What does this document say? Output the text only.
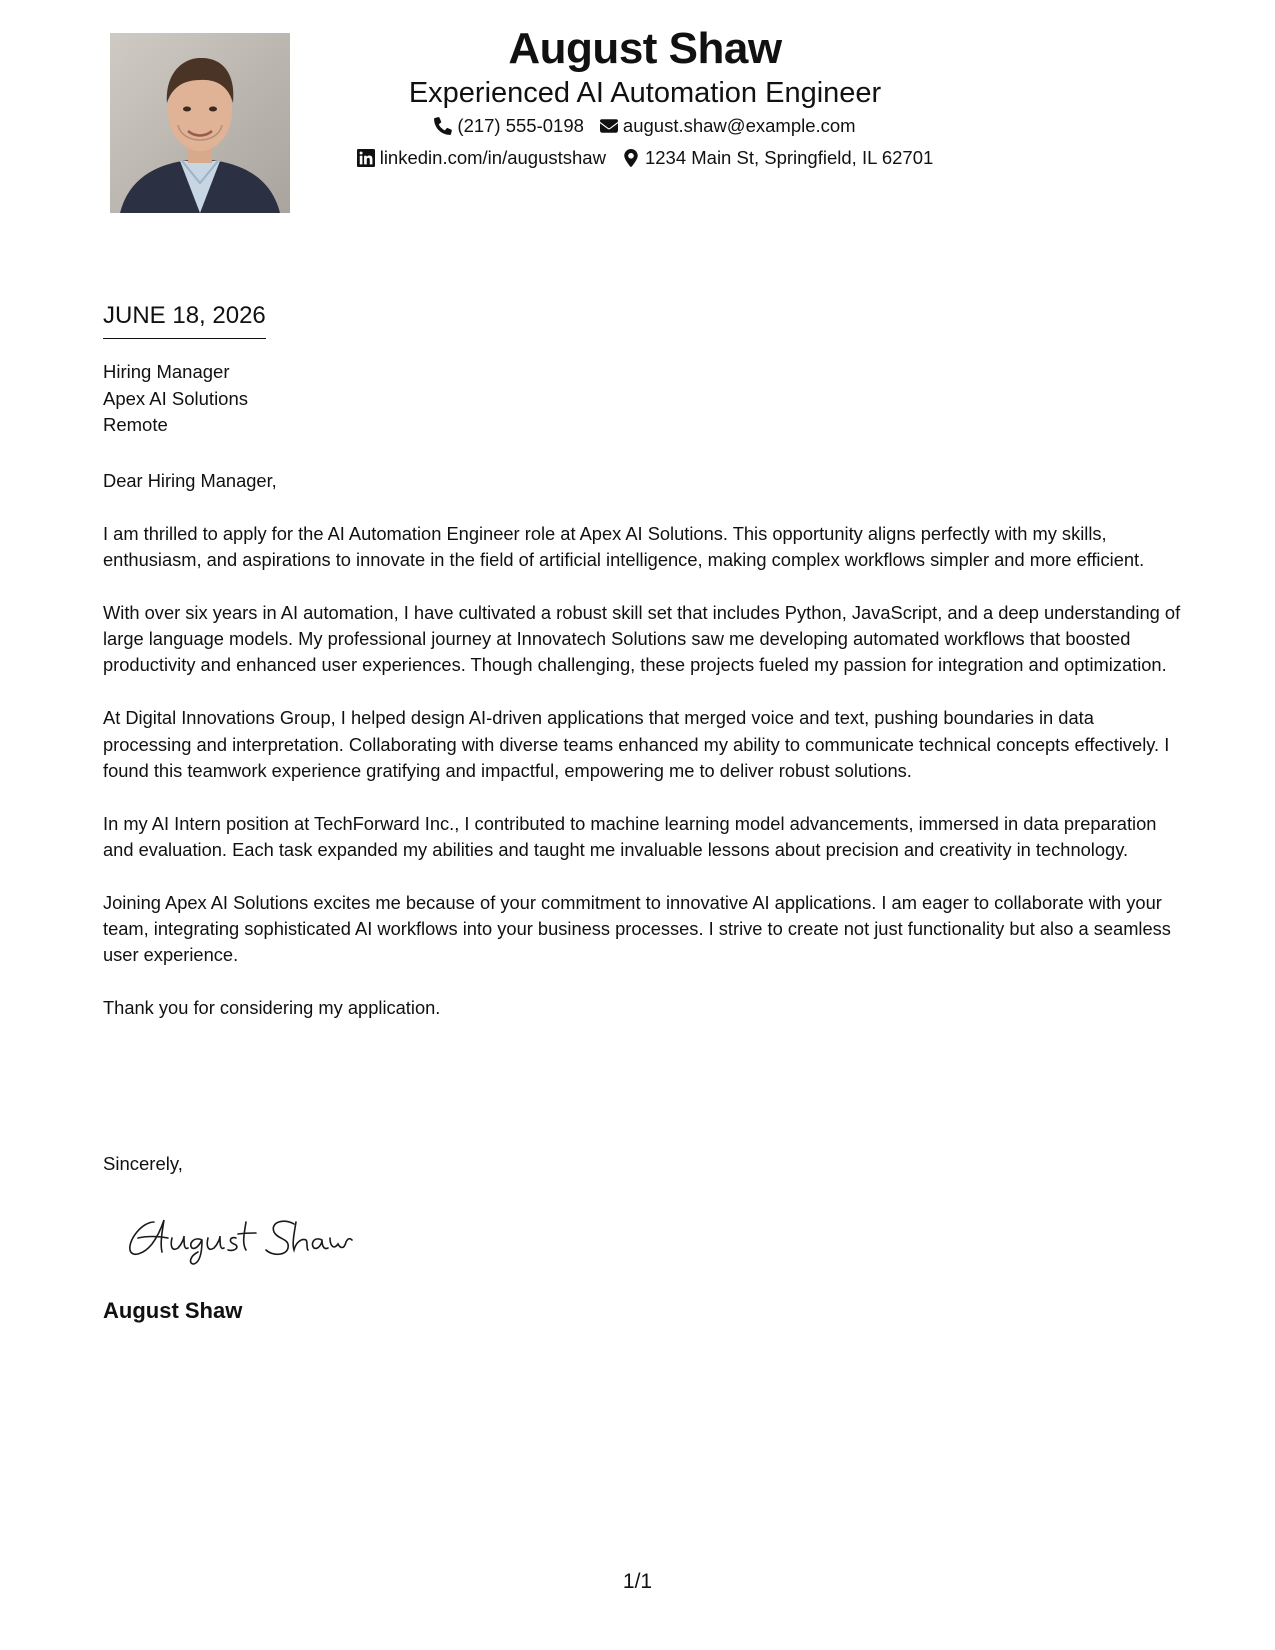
August Shaw
Experienced AI Automation Engineer
(217) 555-0198 august.shaw@example.com
linkedin.com/in/augustshaw 1234 Main St, Springfield, IL 62701
JUNE 18, 2026
Hiring Manager
Apex AI Solutions
Remote

Dear Hiring Manager,

I am thrilled to apply for the AI Automation Engineer role at Apex AI Solutions. This opportunity aligns perfectly with my skills, enthusiasm, and aspirations to innovate in the field of artificial intelligence, making complex workflows simpler and more efficient.

With over six years in AI automation, I have cultivated a robust skill set that includes Python, JavaScript, and a deep understanding of large language models. My professional journey at Innovatech Solutions saw me developing automated workflows that boosted productivity and enhanced user experiences. Though challenging, these projects fueled my passion for integration and optimization.

At Digital Innovations Group, I helped design AI-driven applications that merged voice and text, pushing boundaries in data processing and interpretation. Collaborating with diverse teams enhanced my ability to communicate technical concepts effectively. I found this teamwork experience gratifying and impactful, empowering me to deliver robust solutions.

In my AI Intern position at TechForward Inc., I contributed to machine learning model advancements, immersed in data preparation and evaluation. Each task expanded my abilities and taught me invaluable lessons about precision and creativity in technology.

Joining Apex AI Solutions excites me because of your commitment to innovative AI applications. I am eager to collaborate with your team, integrating sophisticated AI workflows into your business processes. I strive to create not just functionality but also a seamless user experience.

Thank you for considering my application.

Sincerely,
August Shaw
1/1
